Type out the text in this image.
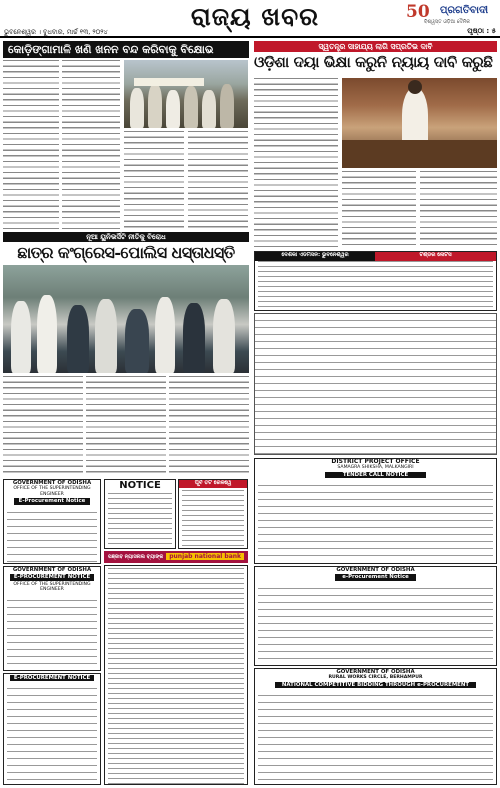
ରାଜ୍ୟ ଖବର	50 ପ୍ରଗତିବାଦୀ
ବିଶ୍ୱସ୍ତ ଓଡ଼ିଆ ଦୈନିକ
ଭୁବନେଶ୍ୱର । ବୁଧବାର, ମାର୍ଚ୍ଚ ୧୩, ୨୦୨୪	ପୃଷ୍ଠା : ୫
କୋଡ଼ିଙ୍ଗାମାଳି ଖଣି ଖନନ ବନ୍ଦ କରିବାକୁ ବିକ୍ଷୋଭ	ସ୍ୱତନ୍ତ୍ର ସାହାଯ୍ୟ ଲାଗି ସପ୍ରତିଭ ଦାବି
ଓଡ଼ିଶା ଦୟା ଭିକ୍ଷା କରୁନି ନ୍ୟାୟ ଦାବି କରୁଛି
ନୂଆ ୟୁନିଭର୍ସିଟି ନୀତିକୁ ବିରୋଧ
ଛାତ୍ର କଂଗ୍ରେସ-ପୋଲିସ ଧସ୍ତାଧସ୍ତି	ଦେଶକା ଏଡମିସନ: ଭୁବନେଶ୍ୱର	ଟିଣ୍ଡର ନୋଟିସ
GOVERNMENT OF ODISHA
OFFICE OF THE SUPERINTENDING ENGINEER
E-Procurement Notice
GOVERNMENT OF ODISHA
E-PROCUREMENT NOTICE
OFFICE OF THE SUPERINTENDING ENGINEER
E-PROCUREMENT NOTICE
NOTICE	ପୂର୍ବ ତଟ ରେଳୱେ
ପଞ୍ଜାବ ନ୍ୟାସନାଲ ବ୍ୟାଙ୍କ	punjab national bank
DISTRICT PROJECT OFFICE
SAMAGRA SHIKSHA, MALKANGIRI
TENDER CALL NOTICE
GOVERNMENT OF ODISHA
e-Procurement Notice
GOVERNMENT OF ODISHA
RURAL WORKS CIRCLE, BERHAMPUR
NATIONAL COMPETITIVE BIDDING THROUGH e-PROCUREMENT
